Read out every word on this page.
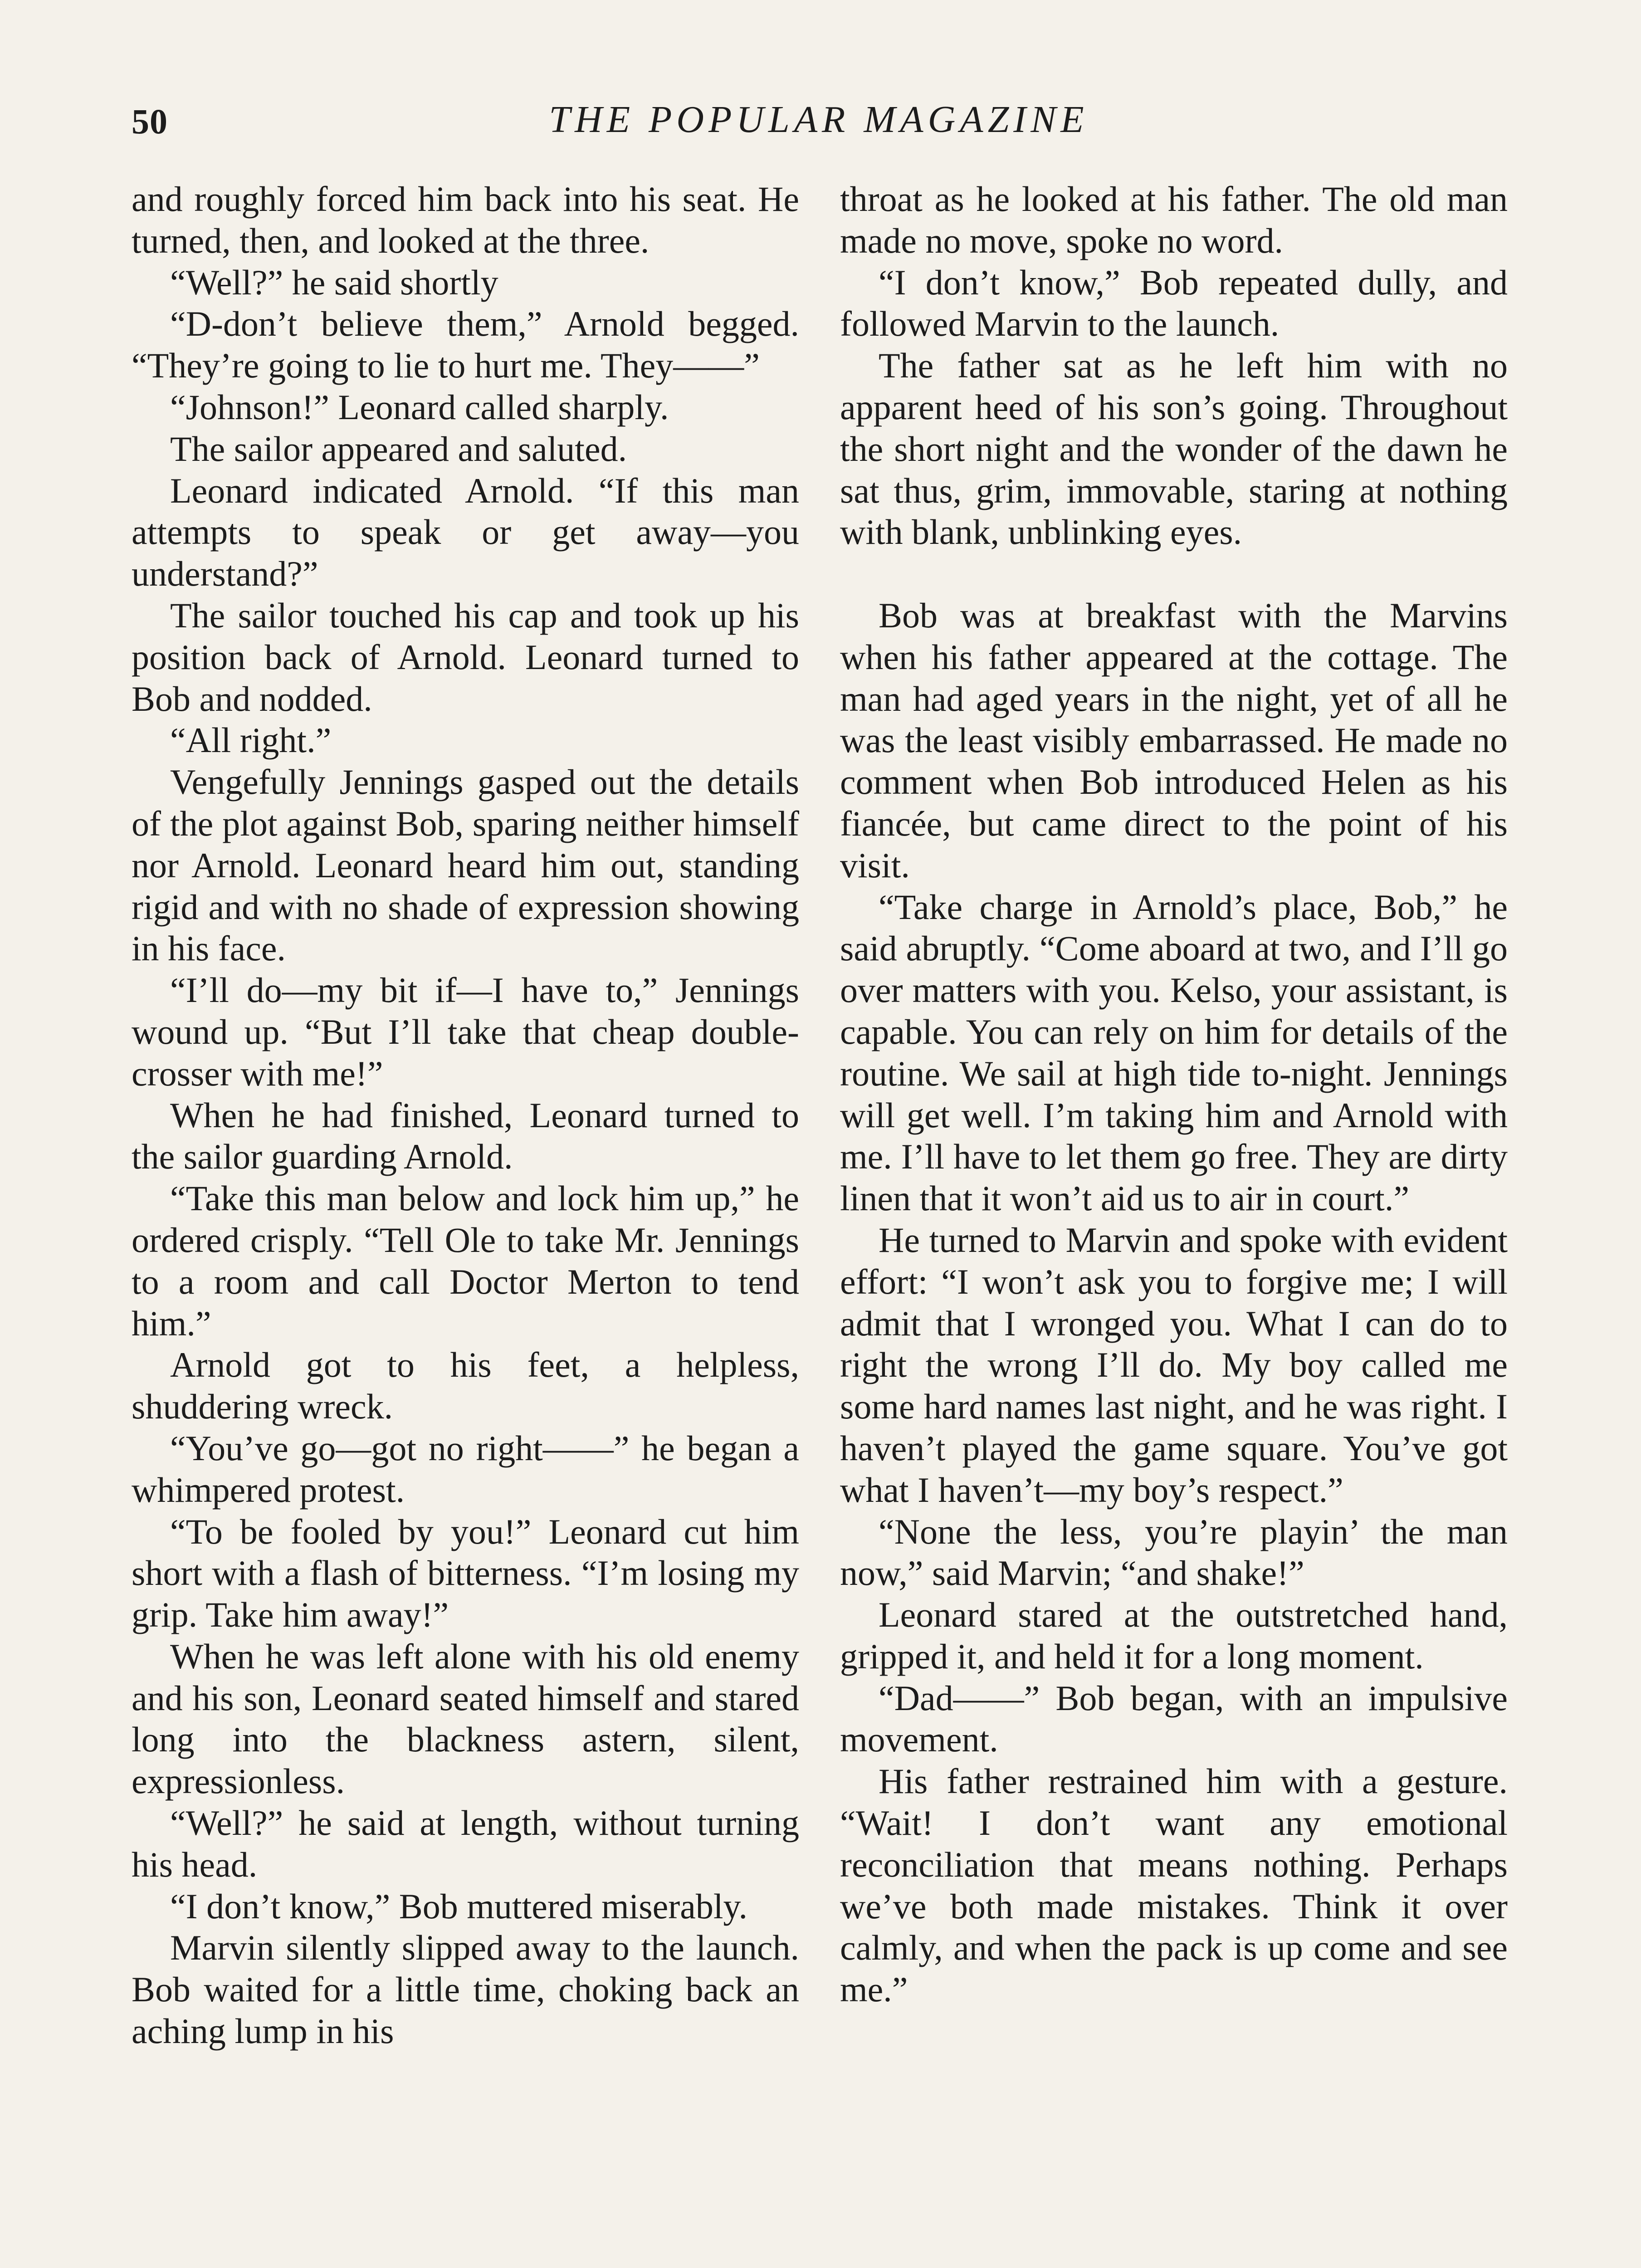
50	THE POPULAR MAGAZINE

and roughly forced him back into his seat. He turned, then, and looked at the three.

“Well?” he said shortly

“D-don’t believe them,” Arnold begged. “They’re going to lie to hurt me. They——”

“Johnson!” Leonard called sharply.

The sailor appeared and saluted.

Leonard indicated Arnold. “If this man attempts to speak or get away—you understand?”

The sailor touched his cap and took up his position back of Arnold. Leonard turned to Bob and nodded.

“All right.”

Vengefully Jennings gasped out the details of the plot against Bob, sparing neither himself nor Arnold. Leonard heard him out, standing rigid and with no shade of expression showing in his face.

“I’ll do—my bit if—I have to,” Jennings wound up. “But I’ll take that cheap double-crosser with me!”

When he had finished, Leonard turned to the sailor guarding Arnold.

“Take this man below and lock him up,” he ordered crisply. “Tell Ole to take Mr. Jennings to a room and call Doctor Merton to tend him.”

Arnold got to his feet, a helpless, shuddering wreck.

“You’ve go—got no right——” he began a whimpered protest.

“To be fooled by you!” Leonard cut him short with a flash of bitterness. “I’m losing my grip. Take him away!”

When he was left alone with his old enemy and his son, Leonard seated himself and stared long into the blackness astern, silent, expressionless.

“Well?” he said at length, without turning his head.

“I don’t know,” Bob muttered miserably.

Marvin silently slipped away to the launch. Bob waited for a little time, choking back an aching lump in his

throat as he looked at his father. The old man made no move, spoke no word.

“I don’t know,” Bob repeated dully, and followed Marvin to the launch.

The father sat as he left him with no apparent heed of his son’s going. Throughout the short night and the wonder of the dawn he sat thus, grim, immovable, staring at nothing with blank, unblinking eyes.

Bob was at breakfast with the Marvins when his father appeared at the cottage. The man had aged years in the night, yet of all he was the least visibly embarrassed. He made no comment when Bob introduced Helen as his fiancée, but came direct to the point of his visit.

“Take charge in Arnold’s place, Bob,” he said abruptly. “Come aboard at two, and I’ll go over matters with you. Kelso, your assistant, is capable. You can rely on him for details of the routine. We sail at high tide to-night. Jennings will get well. I’m taking him and Arnold with me. I’ll have to let them go free. They are dirty linen that it won’t aid us to air in court.”

He turned to Marvin and spoke with evident effort: “I won’t ask you to forgive me; I will admit that I wronged you. What I can do to right the wrong I’ll do. My boy called me some hard names last night, and he was right. I haven’t played the game square. You’ve got what I haven’t—my boy’s respect.”

“None the less, you’re playin’ the man now,” said Marvin; “and shake!”

Leonard stared at the outstretched hand, gripped it, and held it for a long moment.

“Dad——” Bob began, with an impulsive movement.

His father restrained him with a gesture. “Wait! I don’t want any emotional reconciliation that means nothing. Perhaps we’ve both made mistakes. Think it over calmly, and when the pack is up come and see me.”
